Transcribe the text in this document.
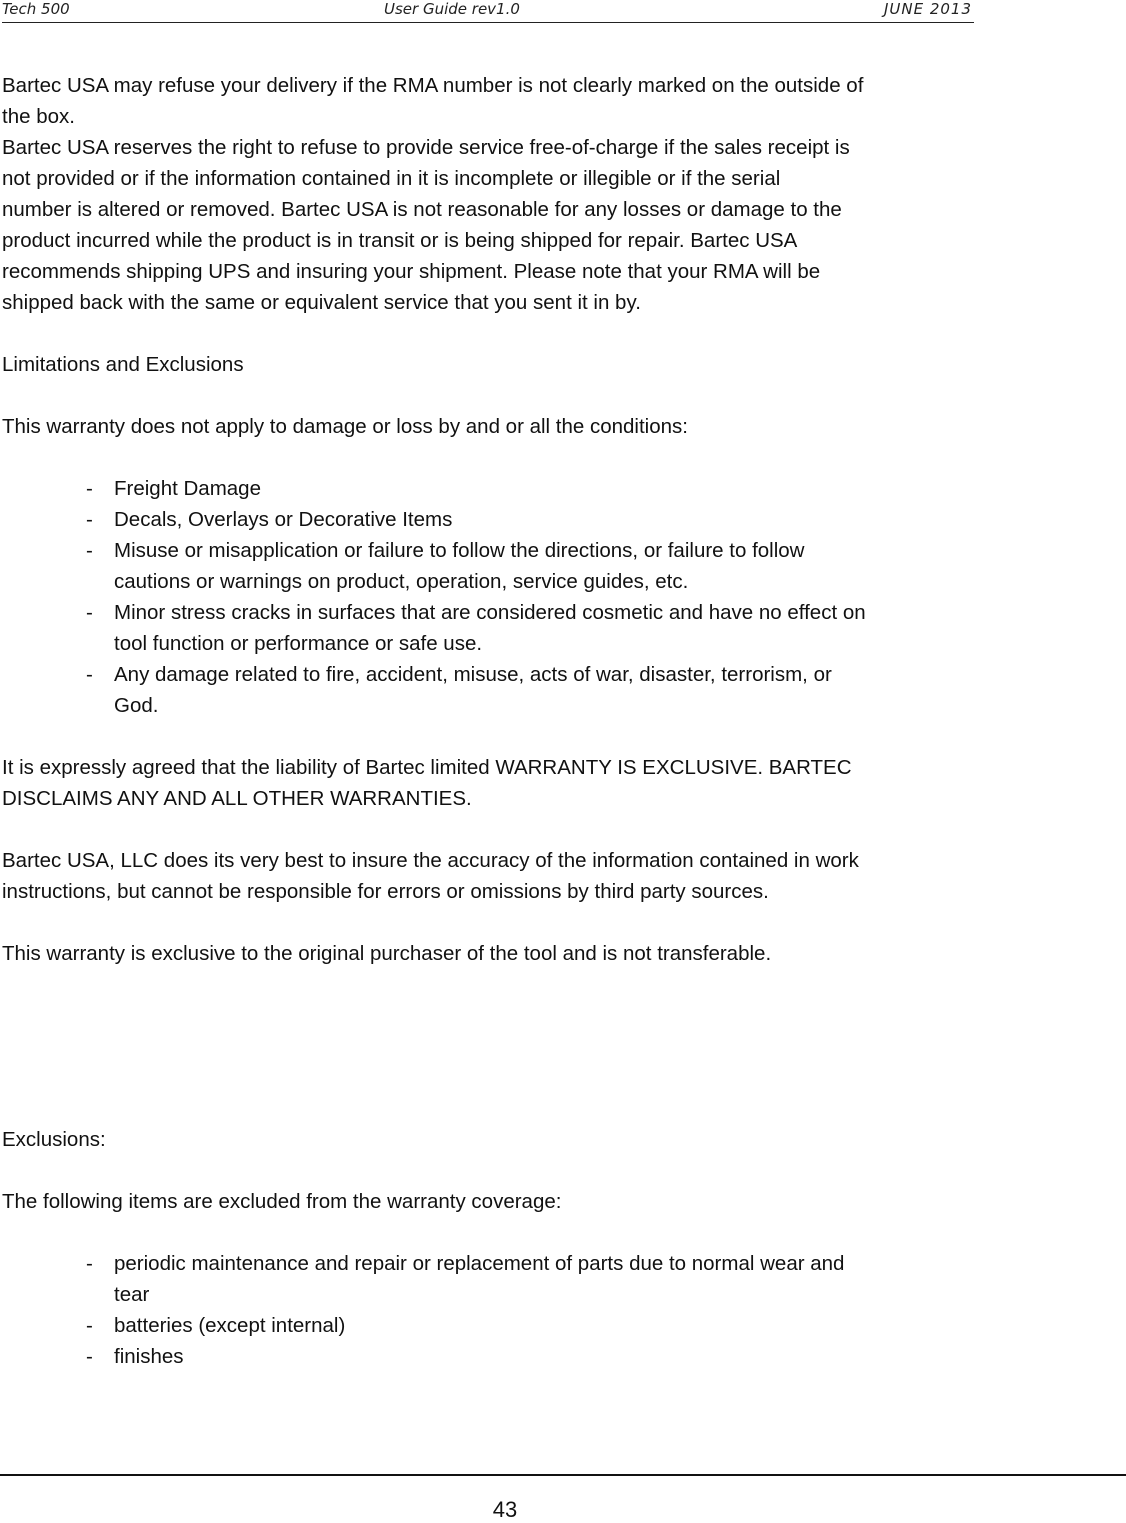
Tech 500	User Guide rev1.0	JUNE 2013

Bartec USA may refuse your delivery if the RMA number is not clearly marked on the outside of
the box.
Bartec USA reserves the right to refuse to provide service free-of-charge if the sales receipt is
not provided or if the information contained in it is incomplete or illegible or if the serial
number is altered or removed. Bartec USA is not reasonable for any losses or damage to the
product incurred while the product is in transit or is being shipped for repair. Bartec USA
recommends shipping UPS and insuring your shipment. Please note that your RMA will be
shipped back with the same or equivalent service that you sent it in by.

Limitations and Exclusions

This warranty does not apply to damage or loss by and or all the conditions:

- Freight Damage
- Decals, Overlays or Decorative Items
- Misuse or misapplication or failure to follow the directions, or failure to follow
cautions or warnings on product, operation, service guides, etc.
- Minor stress cracks in surfaces that are considered cosmetic and have no effect on
tool function or performance or safe use.
- Any damage related to fire, accident, misuse, acts of war, disaster, terrorism, or
God.

It is expressly agreed that the liability of Bartec limited WARRANTY IS EXCLUSIVE. BARTEC
DISCLAIMS ANY AND ALL OTHER WARRANTIES.

Bartec USA, LLC does its very best to insure the accuracy of the information contained in work
instructions, but cannot be responsible for errors or omissions by third party sources.

This warranty is exclusive to the original purchaser of the tool and is not transferable.

Exclusions:

The following items are excluded from the warranty coverage:

- periodic maintenance and repair or replacement of parts due to normal wear and
tear
- batteries (except internal)
- finishes
43
